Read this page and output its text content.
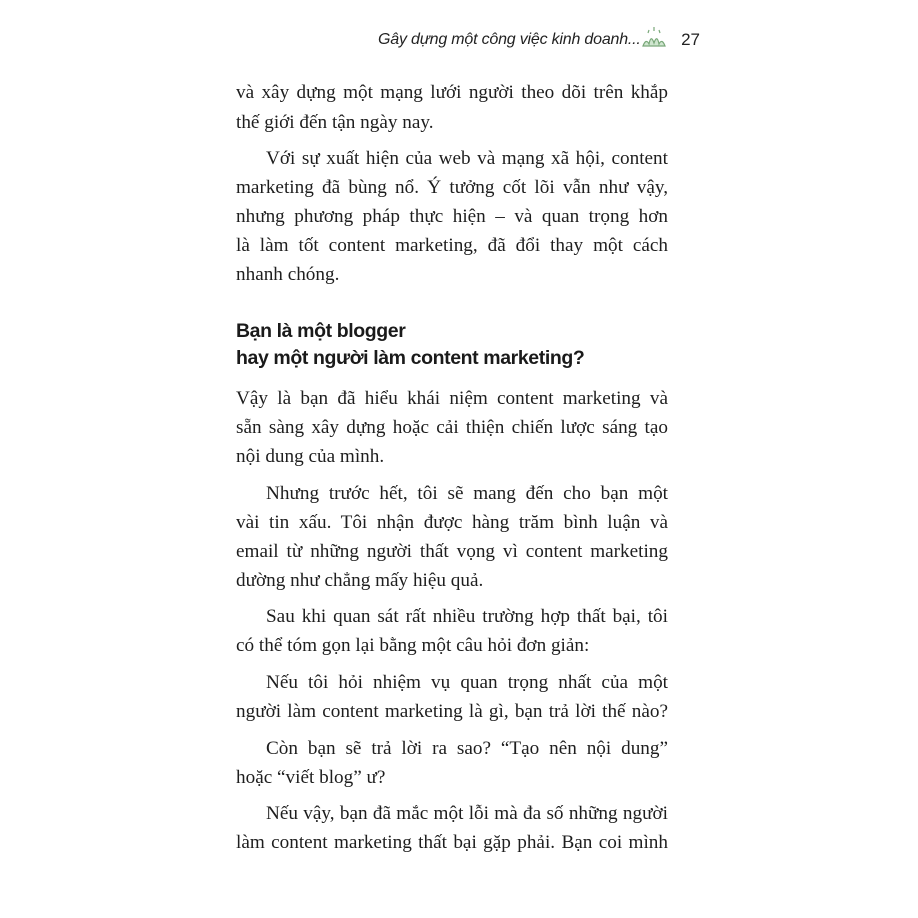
Gây dựng một công việc kinh doanh... 27
và xây dựng một mạng lưới người theo dõi trên khắp
thế giới đến tận ngày nay.
Với sự xuất hiện của web và mạng xã hội, content
marketing đã bùng nổ. Ý tưởng cốt lõi vẫn như vậy,
nhưng phương pháp thực hiện – và quan trọng hơn
là làm tốt content marketing, đã đổi thay một cách
nhanh chóng.
Bạn là một blogger
hay một người làm content marketing?
Vậy là bạn đã hiểu khái niệm content marketing và
sẵn sàng xây dựng hoặc cải thiện chiến lược sáng tạo
nội dung của mình.
Nhưng trước hết, tôi sẽ mang đến cho bạn một
vài tin xấu. Tôi nhận được hàng trăm bình luận và
email từ những người thất vọng vì content marketing
dường như chẳng mấy hiệu quả.
Sau khi quan sát rất nhiều trường hợp thất bại, tôi
có thể tóm gọn lại bằng một câu hỏi đơn giản:
Nếu tôi hỏi nhiệm vụ quan trọng nhất của một
người làm content marketing là gì, bạn trả lời thế nào?
Còn bạn sẽ trả lời ra sao? “Tạo nên nội dung”
hoặc “viết blog” ư?
Nếu vậy, bạn đã mắc một lỗi mà đa số những người
làm content marketing thất bại gặp phải. Bạn coi mình
